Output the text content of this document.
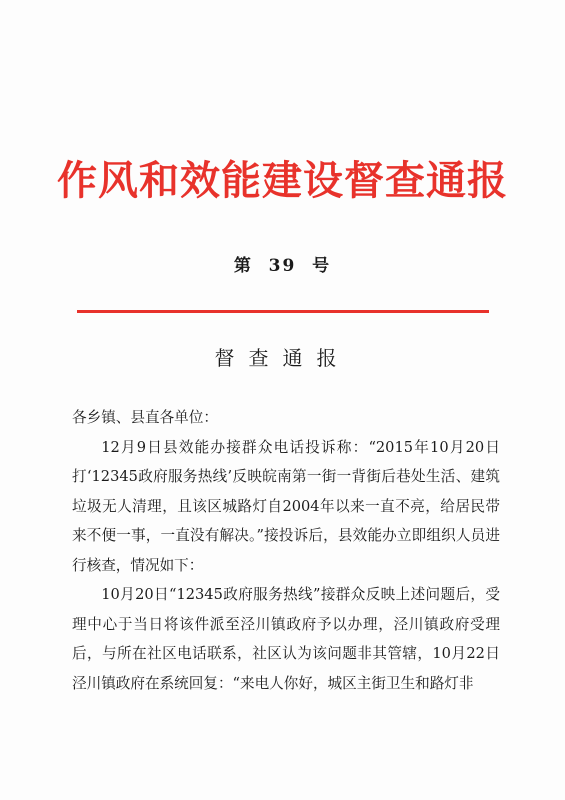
作风和效能建设督查通报
第  39  号
督查通报

各乡镇、县直各单位：

12月9日县效能办接群众电话投诉称：“2015年10月20日打‘12345政府服务热线’反映皖南第一街一背街后巷处生活、建筑垃圾无人清理，且该区城路灯自2004年以来一直不亮，给居民带来不便一事，一直没有解决。”接投诉后，县效能办立即组织人员进行核查，情况如下：

10月20日“12345政府服务热线”接群众反映上述问题后，受理中心于当日将该件派至泾川镇政府予以办理，泾川镇政府受理后，与所在社区电话联系，社区认为该问题非其管辖，10月22日泾川镇政府在系统回复：“来电人你好，城区主街卫生和路灯非
